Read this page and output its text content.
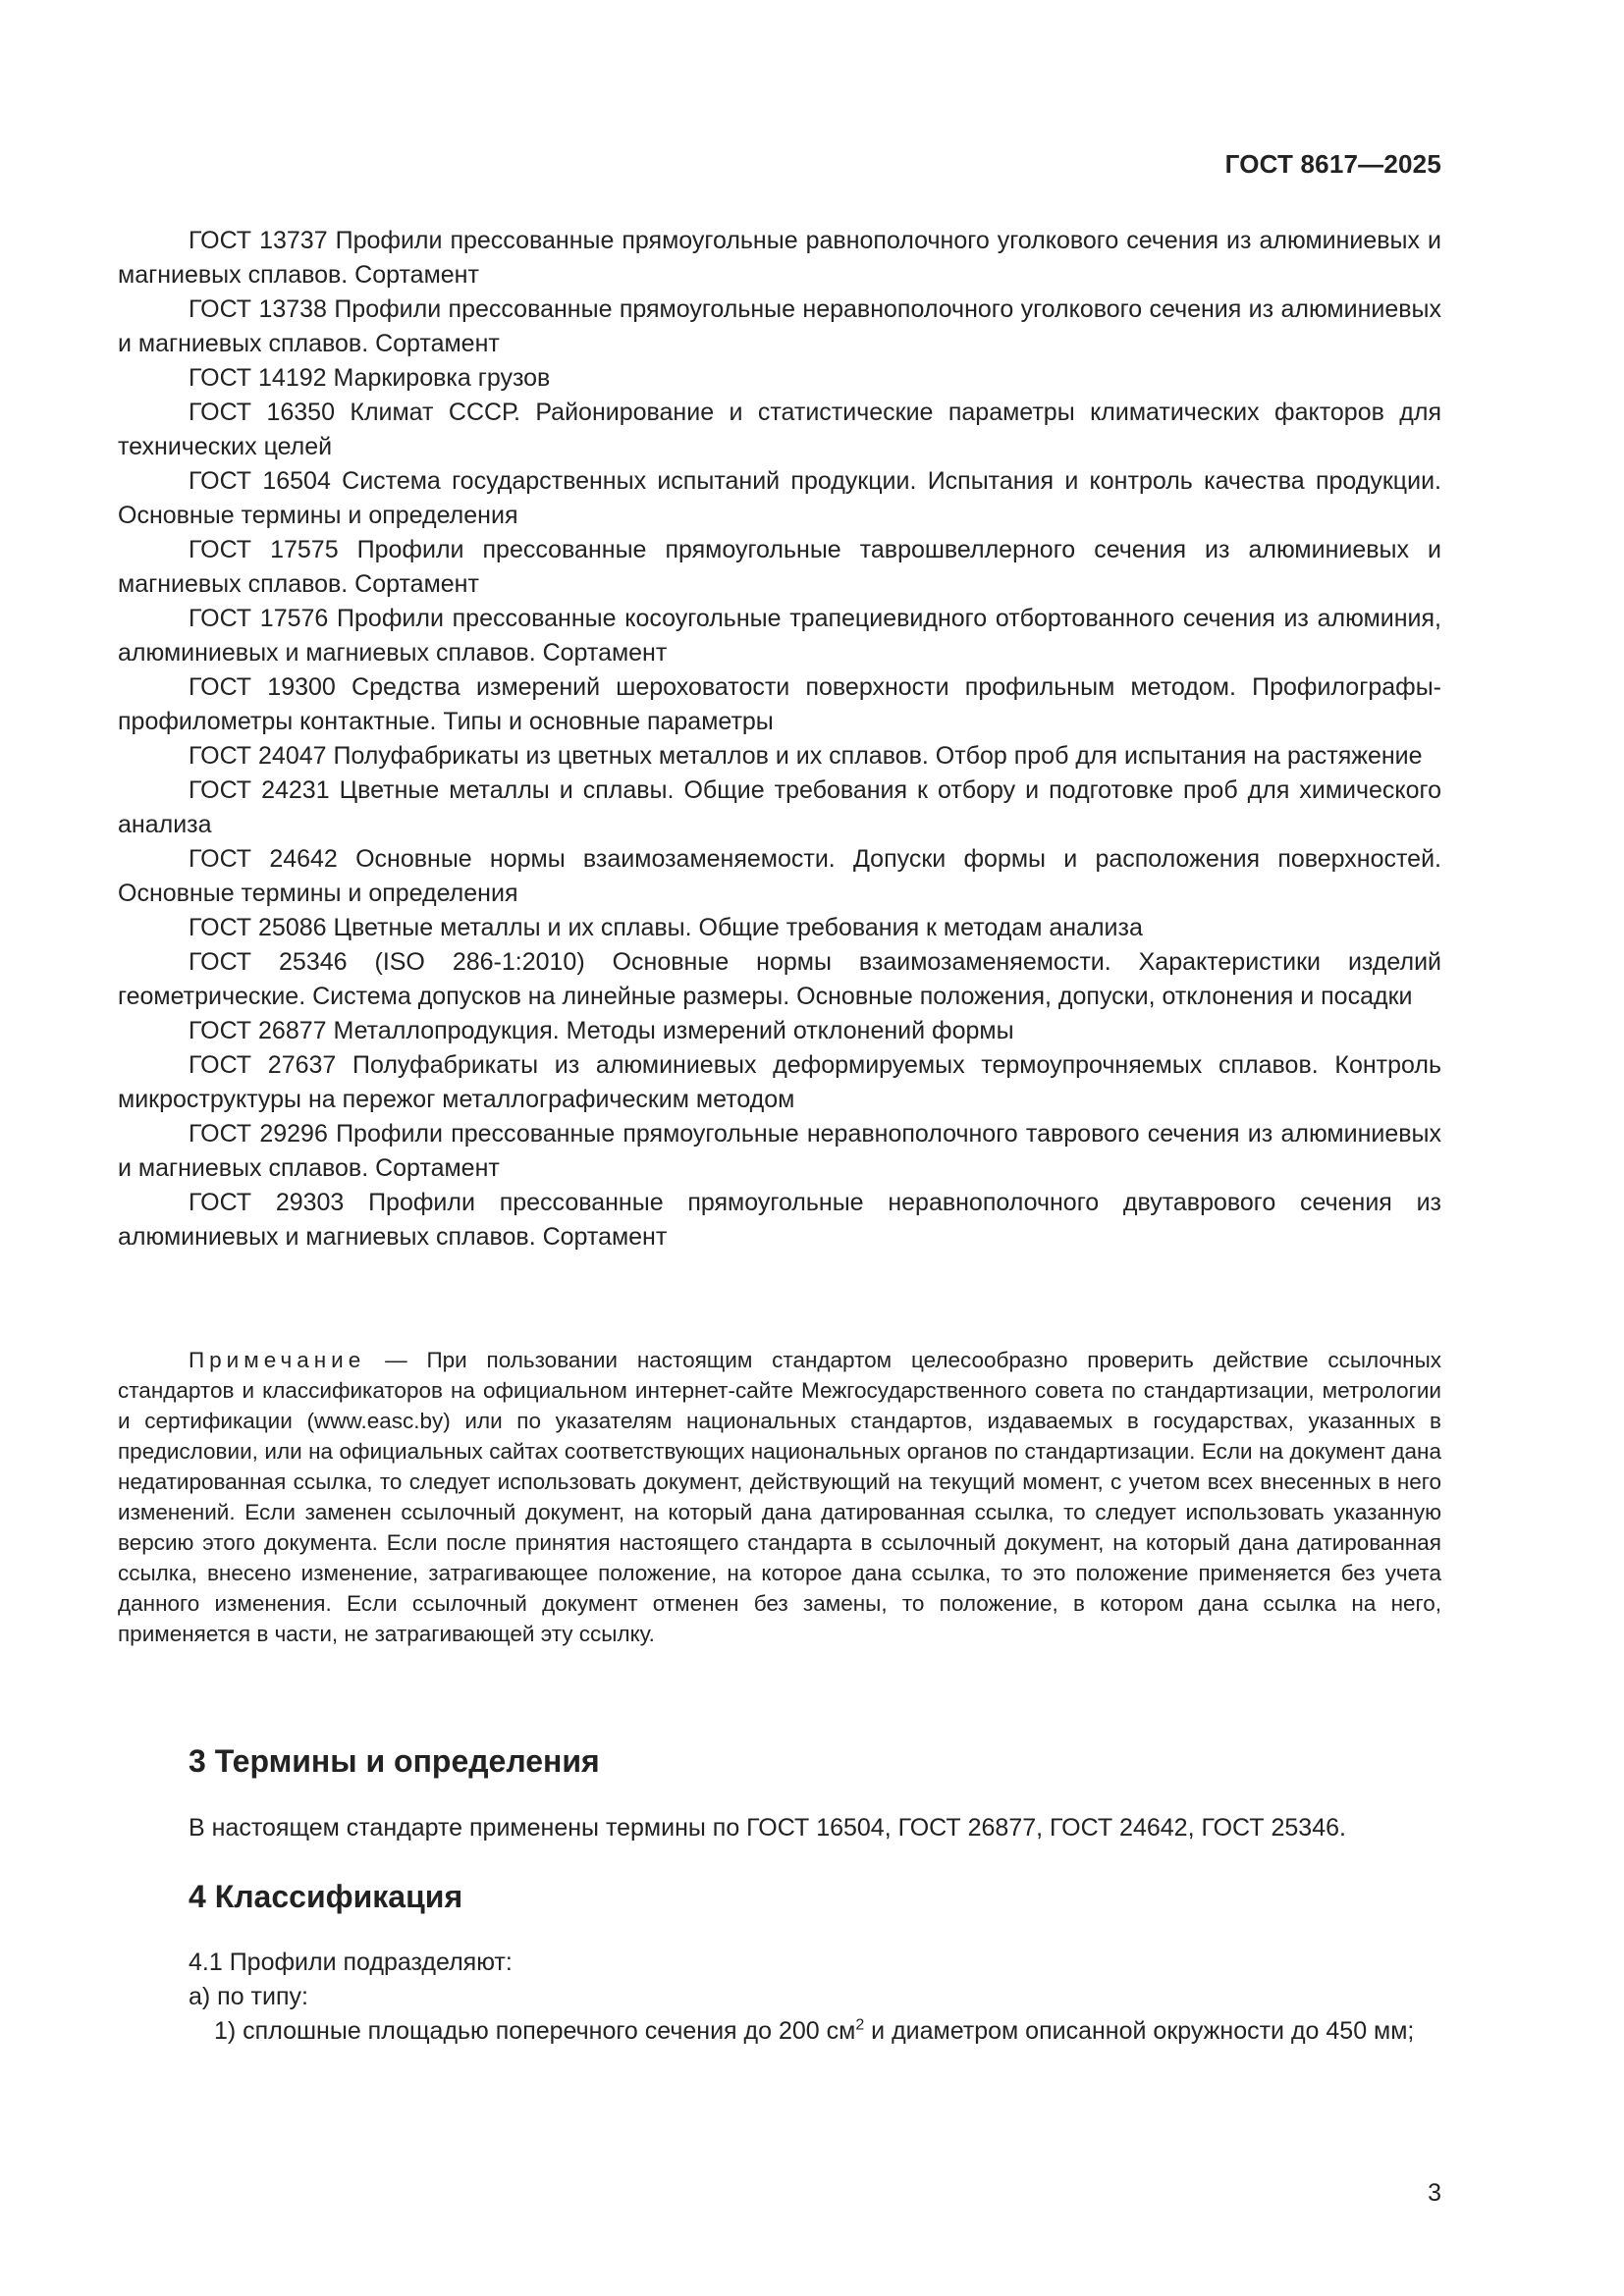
ГОСТ 8617—2025

ГОСТ 13737 Профили прессованные прямоугольные равнополочного уголкового сечения из алюминиевых и магниевых сплавов. Сортамент

ГОСТ 13738 Профили прессованные прямоугольные неравнополочного уголкового сечения из алюминиевых и магниевых сплавов. Сортамент

ГОСТ 14192 Маркировка грузов

ГОСТ 16350 Климат СССР. Районирование и статистические параметры климатических факторов для технических целей

ГОСТ 16504 Система государственных испытаний продукции. Испытания и контроль качества продукции. Основные термины и определения

ГОСТ 17575 Профили прессованные прямоугольные таврошвеллерного сечения из алюминиевых и магниевых сплавов. Сортамент

ГОСТ 17576 Профили прессованные косоугольные трапециевидного отбортованного сечения из алюминия, алюминиевых и магниевых сплавов. Сортамент

ГОСТ 19300 Средства измерений шероховатости поверхности профильным методом. Профилографы-профилометры контактные. Типы и основные параметры

ГОСТ 24047 Полуфабрикаты из цветных металлов и их сплавов. Отбор проб для испытания на растяжение

ГОСТ 24231 Цветные металлы и сплавы. Общие требования к отбору и подготовке проб для химического анализа

ГОСТ 24642 Основные нормы взаимозаменяемости. Допуски формы и расположения поверхностей. Основные термины и определения

ГОСТ 25086 Цветные металлы и их сплавы. Общие требования к методам анализа

ГОСТ 25346 (ISO 286-1:2010) Основные нормы взаимозаменяемости. Характеристики изделий геометрические. Система допусков на линейные размеры. Основные положения, допуски, отклонения и посадки

ГОСТ 26877 Металлопродукция. Методы измерений отклонений формы

ГОСТ 27637 Полуфабрикаты из алюминиевых деформируемых термоупрочняемых сплавов. Контроль микроструктуры на пережог металлографическим методом

ГОСТ 29296 Профили прессованные прямоугольные неравнополочного таврового сечения из алюминиевых и магниевых сплавов. Сортамент

ГОСТ 29303 Профили прессованные прямоугольные неравнополочного двутаврового сечения из алюминиевых и магниевых сплавов. Сортамент

Примечание — При пользовании настоящим стандартом целесообразно проверить действие ссылочных стандартов и классификаторов на официальном интернет-сайте Межгосударственного совета по стандартизации, метрологии и сертификации (www.easc.by) или по указателям национальных стандартов, издаваемых в государствах, указанных в предисловии, или на официальных сайтах соответствующих национальных органов по стандартизации. Если на документ дана недатированная ссылка, то следует использовать документ, действующий на текущий момент, с учетом всех внесенных в него изменений. Если заменен ссылочный документ, на который дана датированная ссылка, то следует использовать указанную версию этого документа. Если после принятия настоящего стандарта в ссылочный документ, на который дана датированная ссылка, внесено изменение, затрагивающее положение, на которое дана ссылка, то это положение применяется без учета данного изменения. Если ссылочный документ отменен без замены, то положение, в котором дана ссылка на него, применяется в части, не затрагивающей эту ссылку.

3 Термины и определения

В настоящем стандарте применены термины по ГОСТ 16504, ГОСТ 26877, ГОСТ 24642, ГОСТ 25346.

4 Классификация

4.1 Профили подразделяют:

а) по типу:

1) сплошные площадью поперечного сечения до 200 $см^2$ и диаметром описанной окружности до 450 мм;

3
